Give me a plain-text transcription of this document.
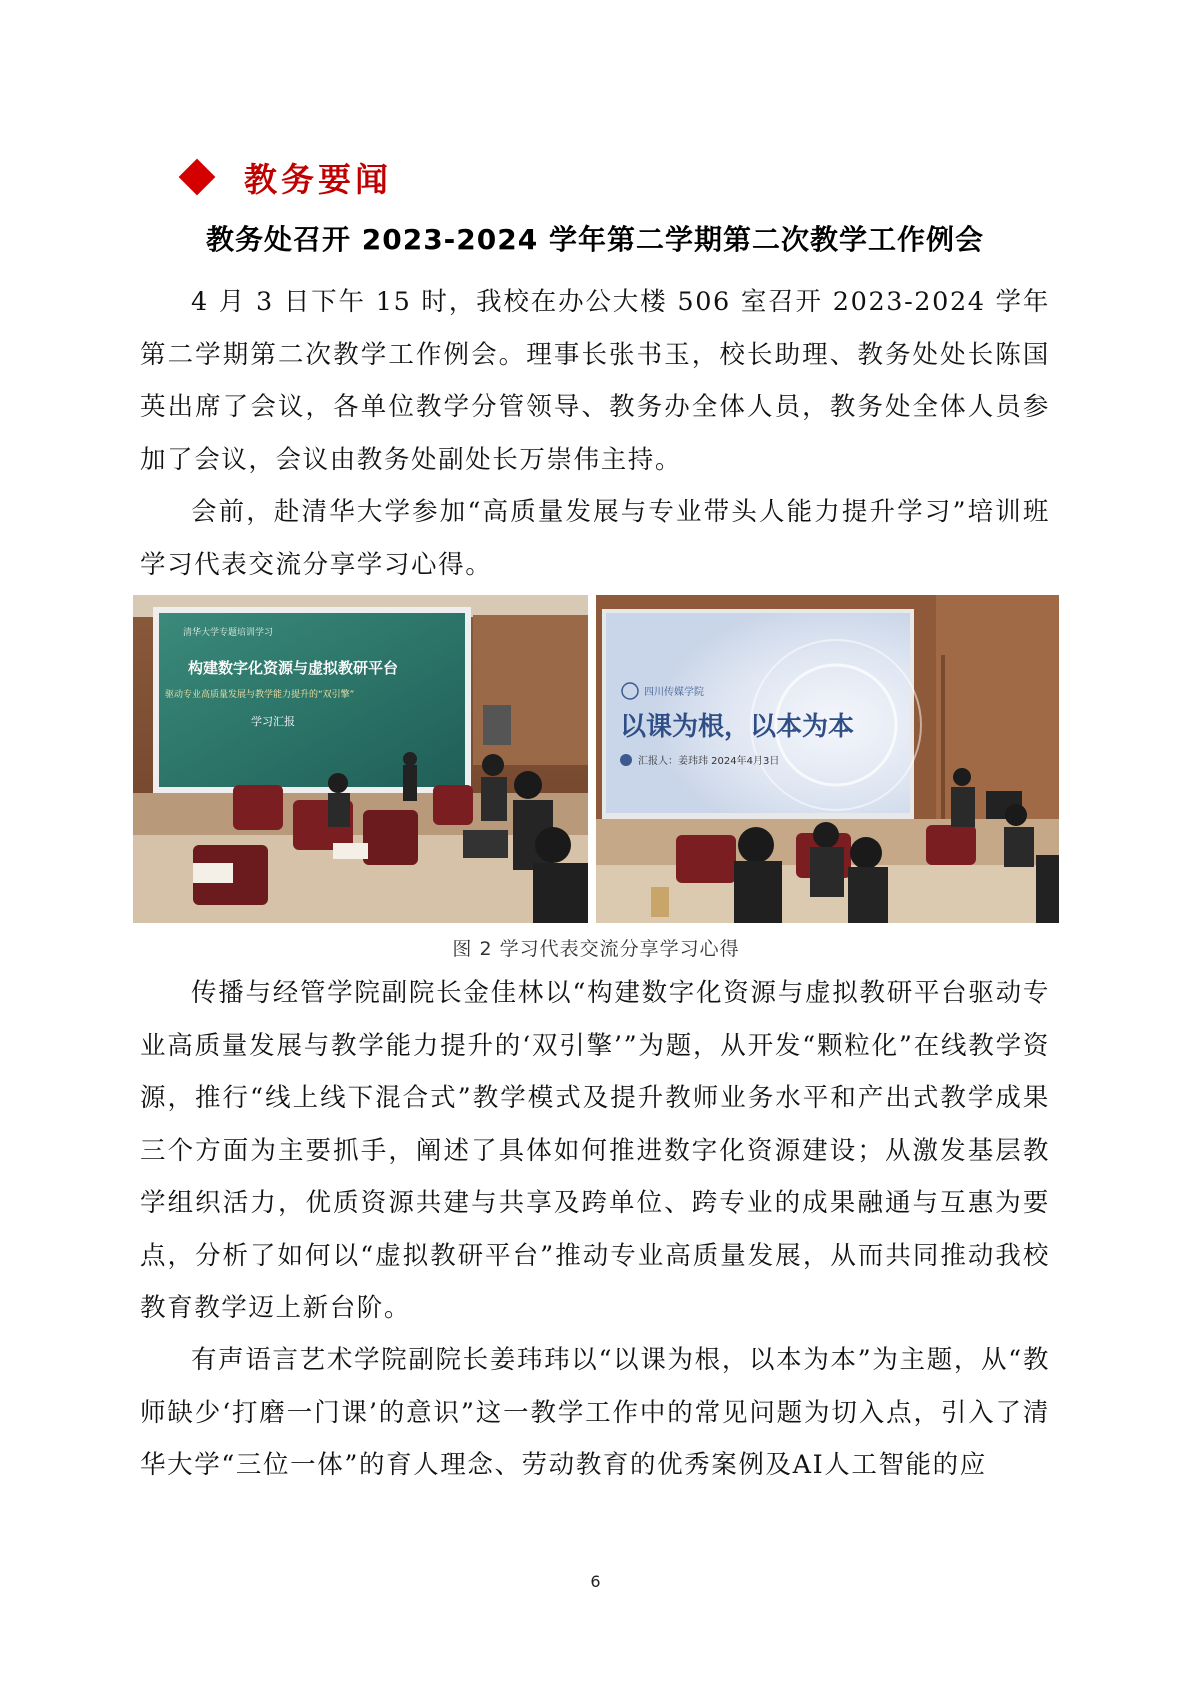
教务要闻
教务处召开 2023-2024 学年第二学期第二次教学工作例会

4 月 3 日下午 15 时，我校在办公大楼 506 室召开 2023-2024 学年第二学期第二次教学工作例会。理事长张书玉，校长助理、教务处处长陈国英出席了会议，各单位教学分管领导、教务办全体人员，教务处全体人员参加了会议，会议由教务处副处长万崇伟主持。

会前，赴清华大学参加“高质量发展与专业带头人能力提升学习”培训班学习代表交流分享学习心得。

清华大学专题培训学习
构建数字化资源与虚拟教研平台
驱动专业高质量发展与教学能力提升的“双引擎”
学习汇报
四川传媒学院
以课为根，以本为本
汇报人：姜玮玮 2024年4月3日
图 2 学习代表交流分享学习心得

传播与经管学院副院长金佳林以“构建数字化资源与虚拟教研平台驱动专业高质量发展与教学能力提升的‘双引擎’”为题，从开发“颗粒化”在线教学资源，推行“线上线下混合式”教学模式及提升教师业务水平和产出式教学成果三个方面为主要抓手，阐述了具体如何推进数字化资源建设；从激发基层教学组织活力，优质资源共建与共享及跨单位、跨专业的成果融通与互惠为要点，分析了如何以“虚拟教研平台”推动专业高质量发展，从而共同推动我校教育教学迈上新台阶。

有声语言艺术学院副院长姜玮玮以“以课为根，以本为本”为主题，从“教师缺少‘打磨一门课’的意识”这一教学工作中的常见问题为切入点，引入了清华大学“三位一体”的育人理念、劳动教育的优秀案例及AI人工智能的应

6
